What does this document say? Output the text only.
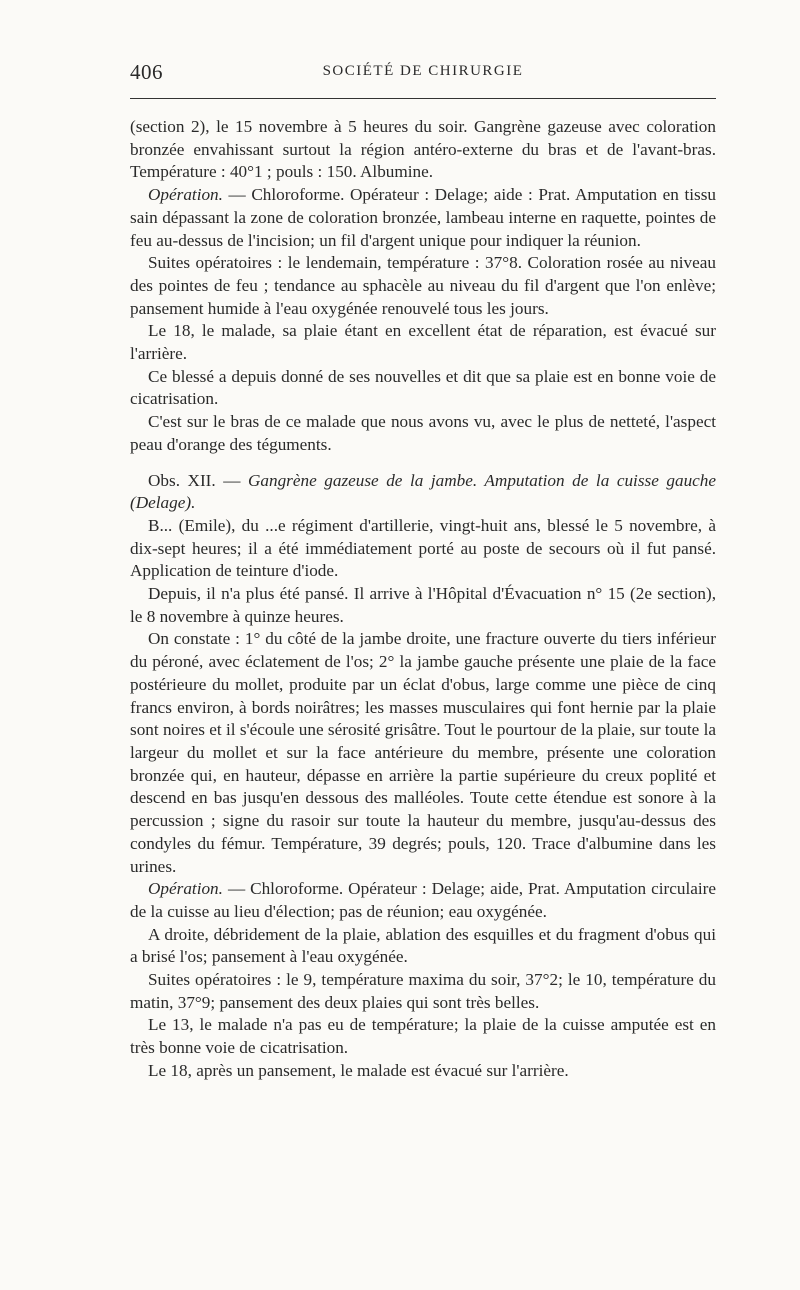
406	SOCIÉTÉ DE CHIRURGIE

(section 2), le 15 novembre à 5 heures du soir. Gangrène gazeuse avec coloration bronzée envahissant surtout la région antéro-externe du bras et de l'avant-bras. Température : 40°1 ; pouls : 150. Albumine.

Opération. — Chloroforme. Opérateur : Delage; aide : Prat. Amputation en tissu sain dépassant la zone de coloration bronzée, lambeau interne en raquette, pointes de feu au-dessus de l'incision; un fil d'argent unique pour indiquer la réunion.

Suites opératoires : le lendemain, température : 37°8. Coloration rosée au niveau des pointes de feu ; tendance au sphacèle au niveau du fil d'argent que l'on enlève; pansement humide à l'eau oxygénée renouvelé tous les jours.

Le 18, le malade, sa plaie étant en excellent état de réparation, est évacué sur l'arrière.

Ce blessé a depuis donné de ses nouvelles et dit que sa plaie est en bonne voie de cicatrisation.

C'est sur le bras de ce malade que nous avons vu, avec le plus de netteté, l'aspect peau d'orange des téguments.

Obs. XII. — Gangrène gazeuse de la jambe. Amputation de la cuisse gauche (Delage).

B... (Emile), du ...e régiment d'artillerie, vingt-huit ans, blessé le 5 novembre, à dix-sept heures; il a été immédiatement porté au poste de secours où il fut pansé. Application de teinture d'iode.

Depuis, il n'a plus été pansé. Il arrive à l'Hôpital d'Évacuation n° 15 (2e section), le 8 novembre à quinze heures.

On constate : 1° du côté de la jambe droite, une fracture ouverte du tiers inférieur du péroné, avec éclatement de l'os; 2° la jambe gauche présente une plaie de la face postérieure du mollet, produite par un éclat d'obus, large comme une pièce de cinq francs environ, à bords noirâtres; les masses musculaires qui font hernie par la plaie sont noires et il s'écoule une sérosité grisâtre. Tout le pourtour de la plaie, sur toute la largeur du mollet et sur la face antérieure du membre, présente une coloration bronzée qui, en hauteur, dépasse en arrière la partie supérieure du creux poplité et descend en bas jusqu'en dessous des malléoles. Toute cette étendue est sonore à la percussion ; signe du rasoir sur toute la hauteur du membre, jusqu'au-dessus des condyles du fémur. Température, 39 degrés; pouls, 120. Trace d'albumine dans les urines.

Opération. — Chloroforme. Opérateur : Delage; aide, Prat. Amputation circulaire de la cuisse au lieu d'élection; pas de réunion; eau oxygénée.

A droite, débridement de la plaie, ablation des esquilles et du fragment d'obus qui a brisé l'os; pansement à l'eau oxygénée.

Suites opératoires : le 9, température maxima du soir, 37°2; le 10, température du matin, 37°9; pansement des deux plaies qui sont très belles.

Le 13, le malade n'a pas eu de température; la plaie de la cuisse amputée est en très bonne voie de cicatrisation.

Le 18, après un pansement, le malade est évacué sur l'arrière.
